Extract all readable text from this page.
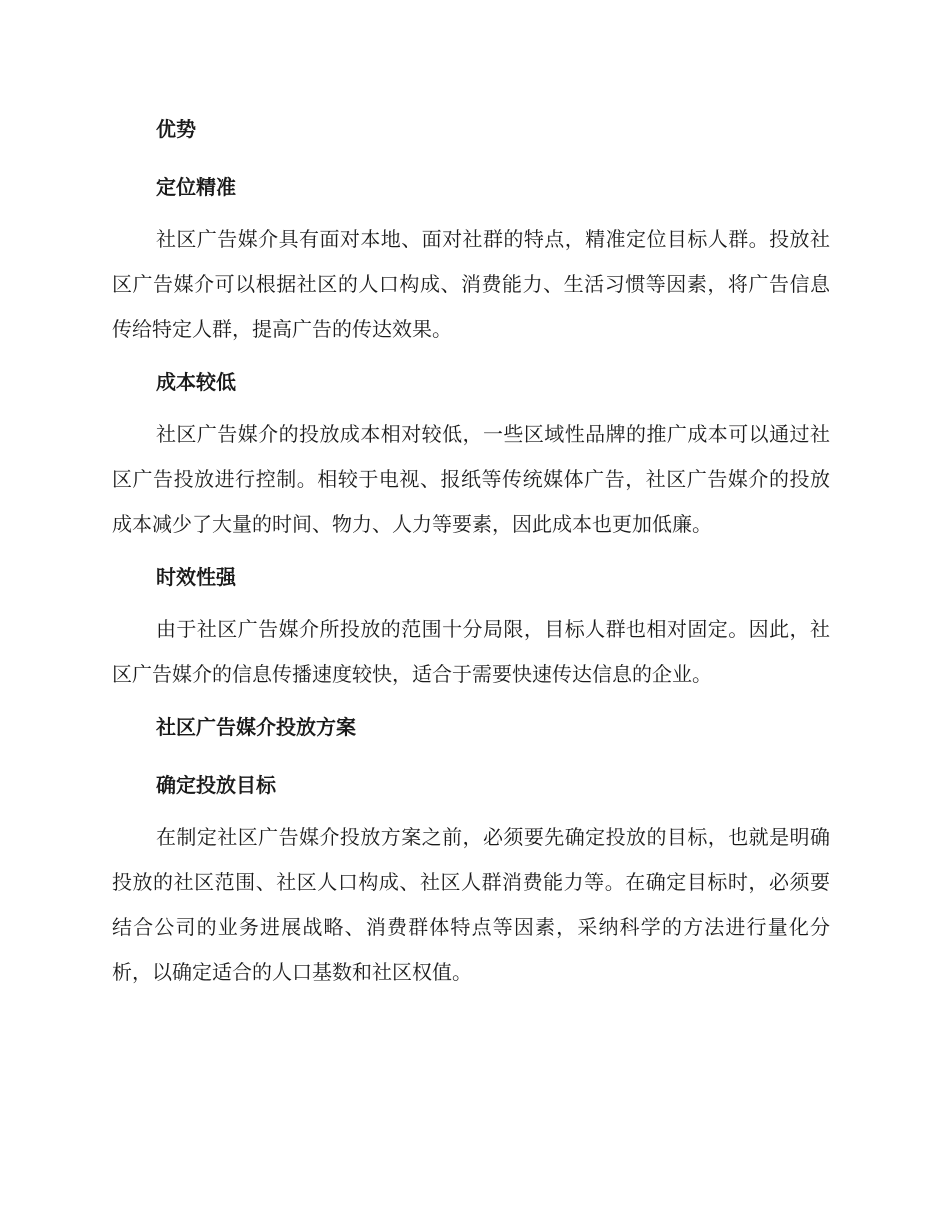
优势
定位精准

社区广告媒介具有面对本地、面对社群的特点，精准定位目标人群。投放社区广告媒介可以根据社区的人口构成、消费能力、生活习惯等因素，将广告信息传给特定人群，提高广告的传达效果。

成本较低

社区广告媒介的投放成本相对较低，一些区域性品牌的推广成本可以通过社区广告投放进行控制。相较于电视、报纸等传统媒体广告，社区广告媒介的投放成本减少了大量的时间、物力、人力等要素，因此成本也更加低廉。

时效性强

由于社区广告媒介所投放的范围十分局限，目标人群也相对固定。因此，社区广告媒介的信息传播速度较快，适合于需要快速传达信息的企业。

社区广告媒介投放方案
确定投放目标

在制定社区广告媒介投放方案之前，必须要先确定投放的目标，也就是明确投放的社区范围、社区人口构成、社区人群消费能力等。在确定目标时，必须要结合公司的业务进展战略、消费群体特点等因素，采纳科学的方法进行量化分析，以确定适合的人口基数和社区权值。
